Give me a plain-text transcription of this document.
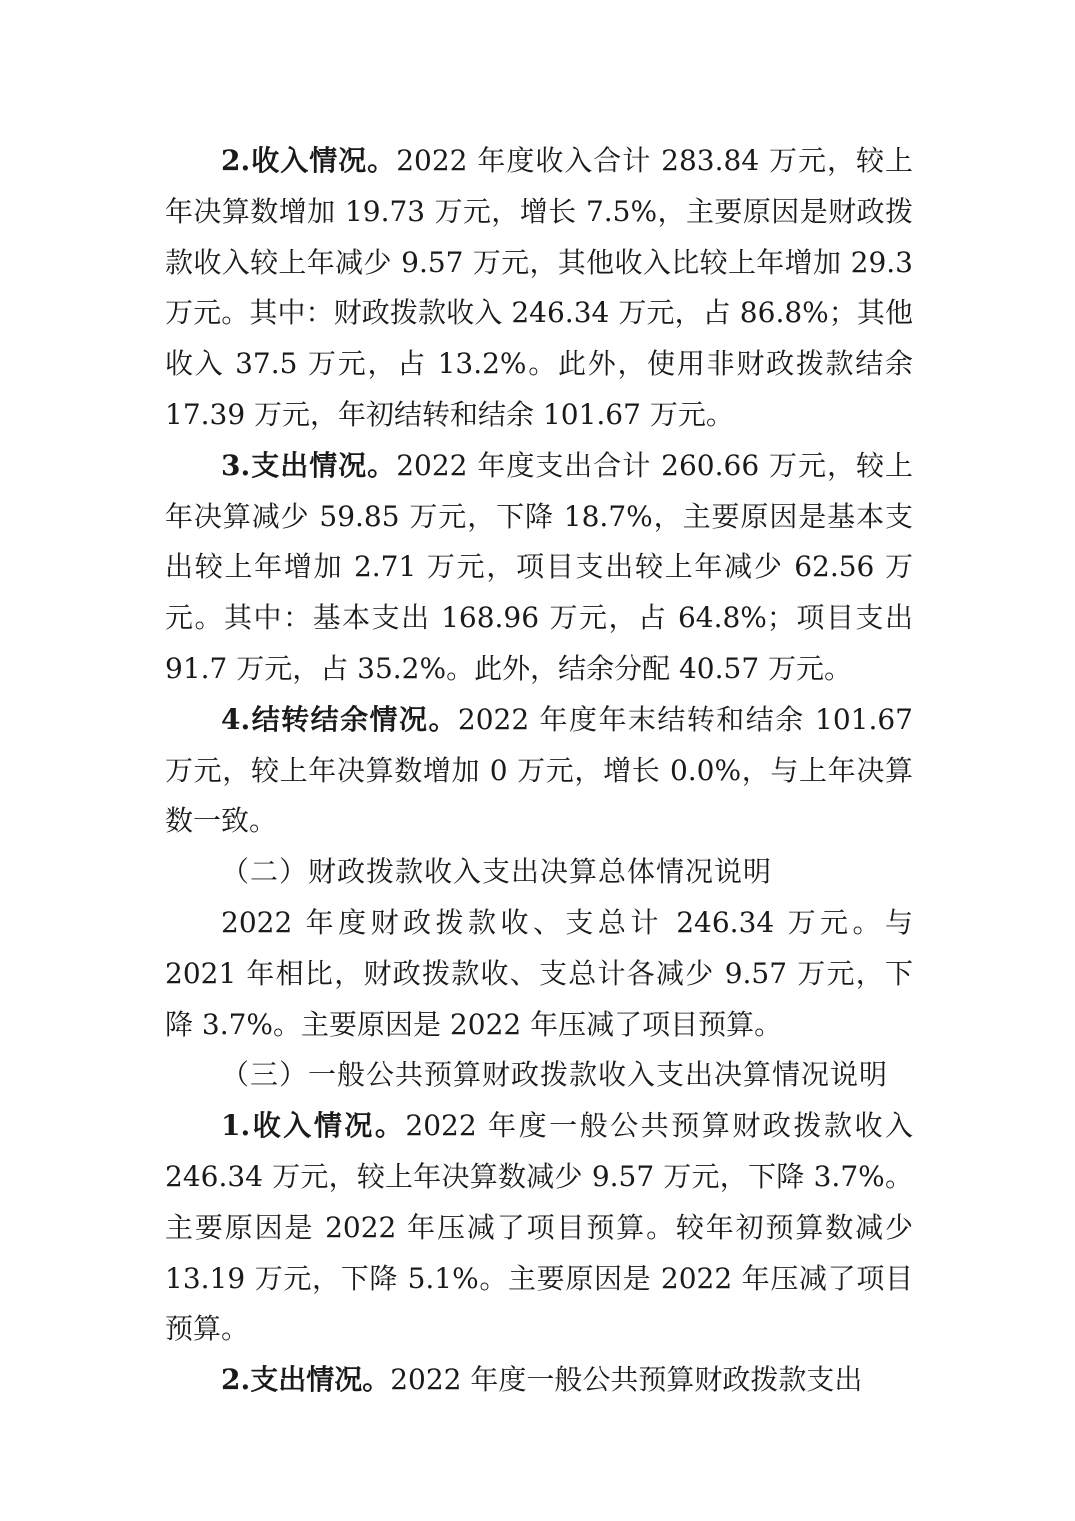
2.收入情况。2022 年度收入合计 283.84 万元，较上年决算数增加 19.73 万元，增长 7.5%，主要原因是财政拨款收入较上年减少 9.57 万元，其他收入比较上年增加 29.3 万元。其中：财政拨款收入 246.34 万元，占 86.8%；其他收入 37.5 万元，占 13.2%。此外，使用非财政拨款结余 17.39 万元，年初结转和结余 101.67 万元。

3.支出情况。2022 年度支出合计 260.66 万元，较上年决算减少 59.85 万元，下降 18.7%，主要原因是基本支出较上年增加 2.71 万元，项目支出较上年减少 62.56 万元。其中：基本支出 168.96 万元，占 64.8%；项目支出 91.7 万元，占 35.2%。此外，结余分配 40.57 万元。

4.结转结余情况。2022 年度年末结转和结余 101.67 万元，较上年决算数增加 0 万元，增长 0.0%，与上年决算数一致。

（二）财政拨款收入支出决算总体情况说明

2022 年度财政拨款收、支总计 246.34 万元。与 2021 年相比，财政拨款收、支总计各减少 9.57 万元，下降 3.7%。主要原因是 2022 年压减了项目预算。

（三）一般公共预算财政拨款收入支出决算情况说明

1.收入情况。2022 年度一般公共预算财政拨款收入 246.34 万元，较上年决算数减少 9.57 万元，下降 3.7%。主要原因是 2022 年压减了项目预算。较年初预算数减少 13.19 万元，下降 5.1%。主要原因是 2022 年压减了项目预算。

2.支出情况。2022 年度一般公共预算财政拨款支出
